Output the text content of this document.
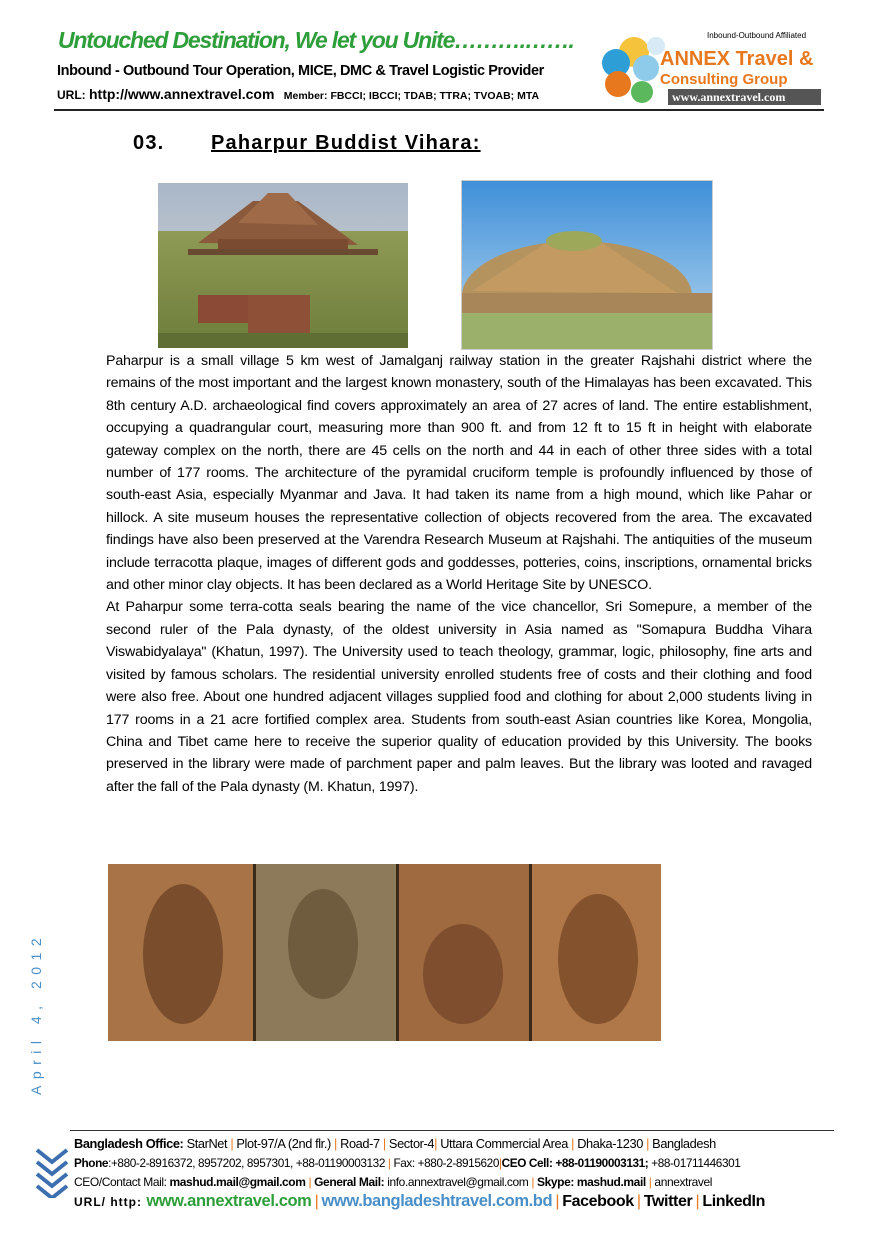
Untouched Destination, We let you Unite……….…….
Inbound - Outbound Tour Operation, MICE, DMC & Travel Logistic Provider
URL: http://www.annextravel.com Member: FBCCI; IBCCI; TDAB; TTRA; TVOAB; MTA
Inbound-Outbound Affiliated
ANNEX Travel &
Consulting Group
www.annextravel.com
03. Paharpur Buddist Vihara:

Paharpur is a small village 5 km west of Jamalganj railway station in the greater Rajshahi district where the remains of the most important and the largest known monastery, south of the Himalayas has been excavated. This 8th century A.D. archaeological find covers approximately an area of 27 acres of land. The entire establishment, occupying a quadrangular court, measuring more than 900 ft. and from 12 ft to 15 ft in height with elaborate gateway complex on the north, there are 45 cells on the north and 44 in each of other three sides with a total number of 177 rooms. The architecture of the pyramidal cruciform temple is profoundly influenced by those of south-east Asia, especially Myanmar and Java. It had taken its name from a high mound, which like Pahar or hillock. A site museum houses the representative collection of objects recovered from the area. The excavated findings have also been preserved at the Varendra Research Museum at Rajshahi. The antiquities of the museum include terracotta plaque, images of different gods and goddesses, potteries, coins, inscriptions, ornamental bricks and other minor clay objects. It has been declared as a World Heritage Site by UNESCO.

At Paharpur some terra-cotta seals bearing the name of the vice chancellor, Sri Somepure, a member of the second ruler of the Pala dynasty, of the oldest university in Asia named as "Somapura Buddha Vihara Viswabidyalaya" (Khatun, 1997). The University used to teach theology, grammar, logic, philosophy, fine arts and visited by famous scholars. The residential university enrolled students free of costs and their clothing and food were also free. About one hundred adjacent villages supplied food and clothing for about 2,000 students living in 177 rooms in a 21 acre fortified complex area. Students from south-east Asian countries like Korea, Mongolia, China and Tibet came here to receive the superior quality of education provided by this University. The books preserved in the library were made of parchment paper and palm leaves. But the library was looted and ravaged after the fall of the Pala dynasty (M. Khatun, 1997).

April 4, 2012
Bangladesh Office: StarNet | Plot-97/A (2nd flr.) | Road-7 | Sector-4| Uttara Commercial Area | Dhaka-1230 | Bangladesh
Phone:+880-2-8916372, 8957202, 8957301, +88-01190003132 | Fax: +880-2-8915620|CEO Cell: +88-01190003131; +88-01711446301
CEO/Contact Mail: mashud.mail@gmail.com | General Mail: info.annextravel@gmail.com | Skype: mashud.mail | annextravel
URL/ http: www.annextravel.com | www.bangladeshtravel.com.bd | Facebook | Twitter | LinkedIn
